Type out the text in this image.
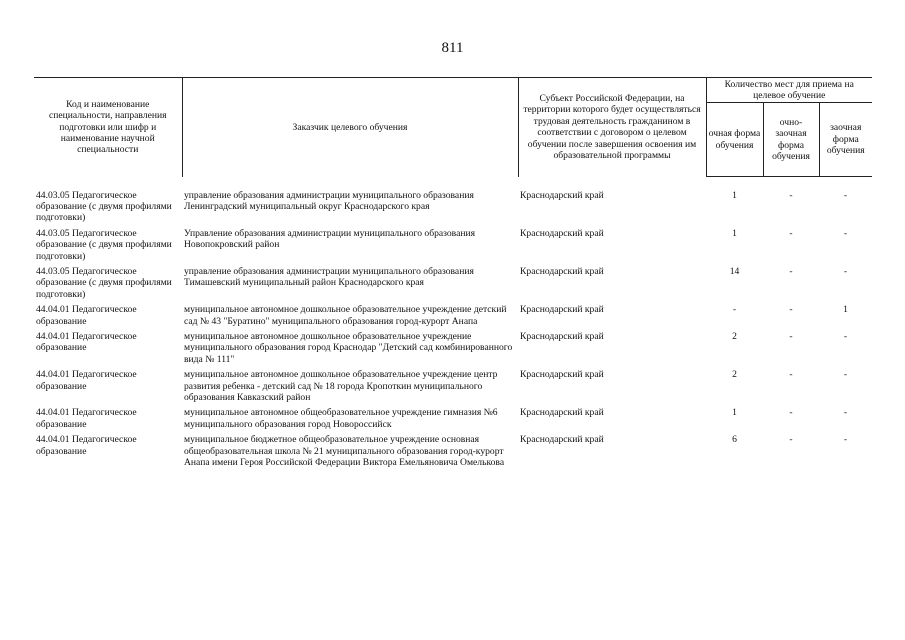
811
Код и наименование специальности, направления подготовки или шифр и наименование научной специальности	Заказчик целевого обучения	Субъект Российской Федерации, на территории которого будет осуществляться трудовая деятельность гражданином в соответствии с договором о целевом обучении после завершения освоения им образовательной программы	Количество мест для приема на целевое обучение		
			очная форма обучения	очно-заочная форма обучения	заочная форма обучения
44.03.05 Педагогическое образование (с двумя профилями подготовки)	управление образования администрации муниципального образования Ленинградский муниципальный округ Краснодарского края	Краснодарский край	1	-	-
44.03.05 Педагогическое образование (с двумя профилями подготовки)	Управление образования администрации муниципального образования Новопокровский район	Краснодарский край	1	-	-
44.03.05 Педагогическое образование (с двумя профилями подготовки)	управление образования администрации муниципального образования Тимашевский муниципальный район Краснодарского края	Краснодарский край	14	-	-
44.04.01 Педагогическое образование	муниципальное автономное дошкольное образовательное учреждение детский сад № 43 "Буратино" муниципального образования город-курорт Анапа	Краснодарский край	-	-	1
44.04.01 Педагогическое образование	муниципальное автономное дошкольное образовательное учреждение муниципального образования город Краснодар "Детский сад комбинированного вида № 111"	Краснодарский край	2	-	-
44.04.01 Педагогическое образование	муниципальное автономное дошкольное образовательное учреждение центр развития ребенка - детский сад № 18 города Кропоткин муниципального образования Кавказский район	Краснодарский край	2	-	-
44.04.01 Педагогическое образование	муниципальное автономное общеобразовательное учреждение гимназия №6 муниципального образования город Новороссийск	Краснодарский край	1	-	-
44.04.01 Педагогическое образование	муниципальное бюджетное общеобразовательное учреждение основная общеобразовательная школа № 21 муниципального образования город-курорт Анапа имени Героя Российской Федерации Виктора Емельяновича Омелькова	Краснодарский край	6	-	-
